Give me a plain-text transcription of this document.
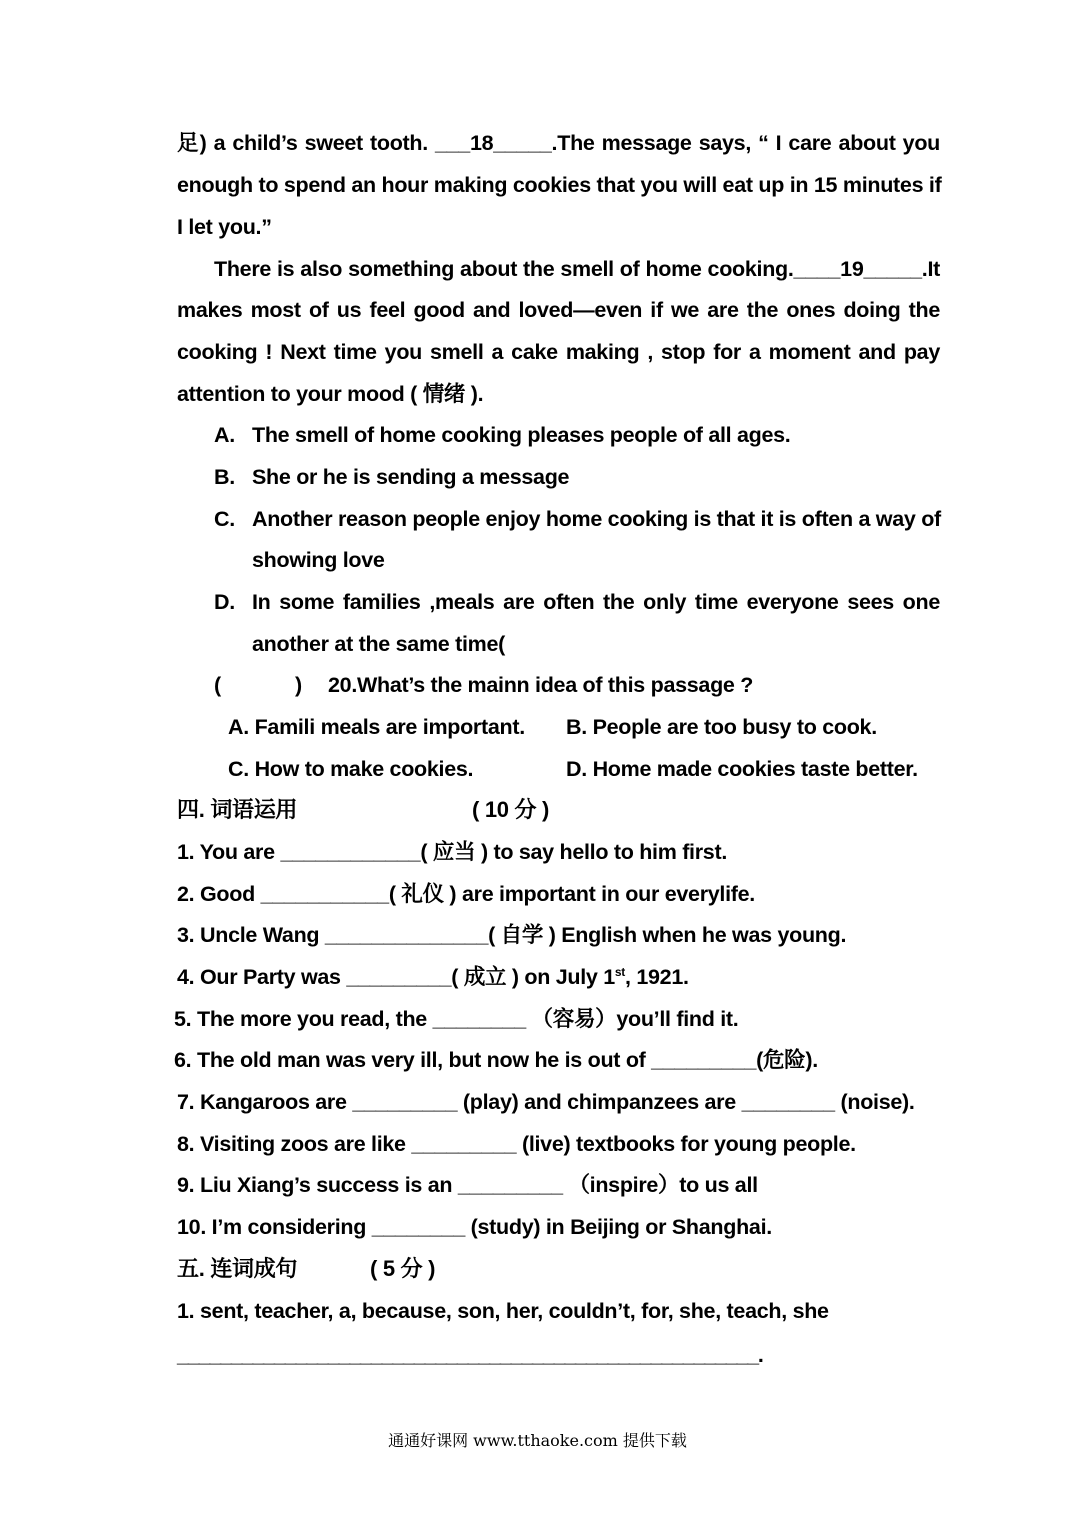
足) a child’s sweet tooth. ___18_____.The message says, “ I care about you
enough to spend an hour making cookies that you will eat up in 15 minutes if
I let you.”
There is also something about the smell of home cooking.____19_____.It
makes most of us feel good and loved—even if we are the ones doing the
cooking ! Next time you smell a cake making , stop for a moment and pay
attention to your mood ( 情绪 ).
A. The smell of home cooking pleases people of all ages.
B. She or he is sending a message
C. Another reason people enjoy home cooking is that it is often a way of
showing love
D. In some families ,meals are often the only time everyone sees one
another at the same time(
(	) 20.What’s the mainn idea of this passage ?
A. Famili meals are important. B. People are too busy to cook.
C. How to make cookies.	D. Home made cookies taste better.
四. 词语运用	( 10 分 )
1. You are ____________( 应当 ) to say hello to him first.
2. Good ___________( 礼仪 ) are important in our everylife.
3. Uncle Wang ______________( 自学 ) English when he was young.
4. Our Party was _________( 成立 ) on July 1st, 1921.
5. The more you read, the ________ （容易）you’ll find it.
6. The old man was very ill, but now he is out of _________(危险).
7. Kangaroos are _________ (play) and chimpanzees are ________ (noise).
8. Visiting zoos are like _________ (live) textbooks for young people.
9. Liu Xiang’s success is an _________ （inspire）to us all
10. I’m considering ________ (study) in Beijing or Shanghai.
五. 连词成句	( 5 分 )
1. sent, teacher, a, because, son, her, couldn’t, for, she, teach, she
______________________________________________________.
通通好课网 www.tthaoke.com 提供下载
